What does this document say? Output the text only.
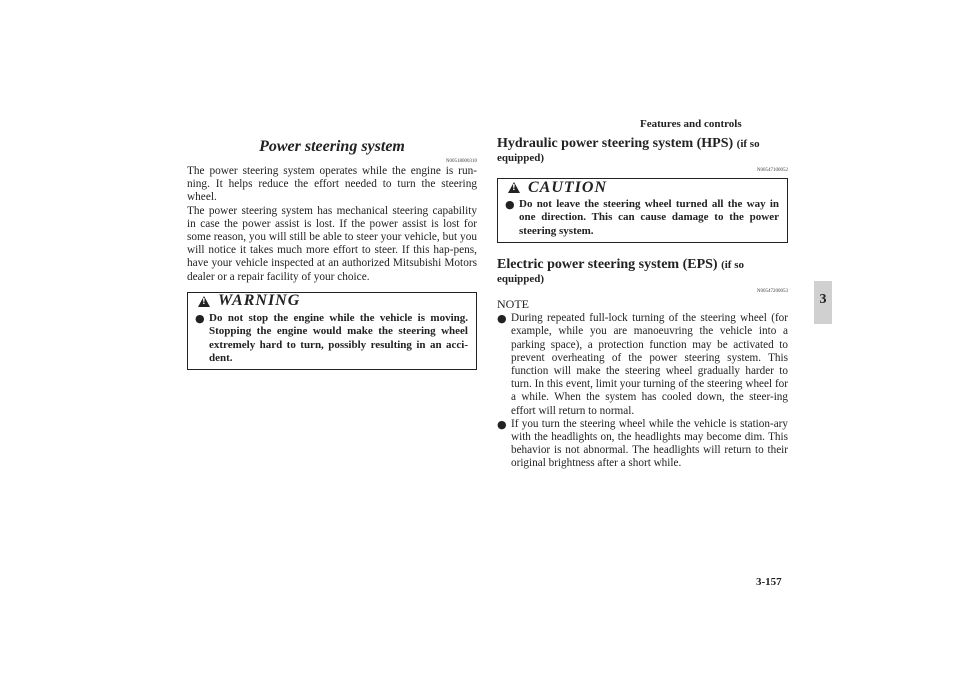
Features and controls
3
Power steering system
N00518000310

The power steering system operates while the engine is run-ning. It helps reduce the effort needed to turn the steering wheel.

The power steering system has mechanical steering capability in case the power assist is lost. If the power assist is lost for some reason, you will still be able to steer your vehicle, but you will notice it takes much more effort to steer. If this hap-pens, have your vehicle inspected at an authorized Mitsubishi Motors dealer or a repair facility of your choice.

!
WARNING
● Do not stop the engine while the vehicle is moving. Stopping the engine would make the steering wheel extremely hard to turn, possibly resulting in an acci-dent.
Hydraulic power steering system (HPS) (if so
equipped)
N00547100052
!
CAUTION
● Do not leave the steering wheel turned all the way in one direction. This can cause damage to the power steering system.
Electric power steering system (EPS) (if so
equipped)
N00547200053
NOTE
● During repeated full-lock turning of the steering wheel (for example, while you are manoeuvring the vehicle into a parking space), a protection function may be activated to prevent overheating of the power steering system. This function will make the steering wheel gradually harder to turn. In this event, limit your turning of the steering wheel for a while. When the system has cooled down, the steer-ing effort will return to normal.
● If you turn the steering wheel while the vehicle is station-ary with the headlights on, the headlights may become dim. This behavior is not abnormal. The headlights will return to their original brightness after a short while.
3-157
